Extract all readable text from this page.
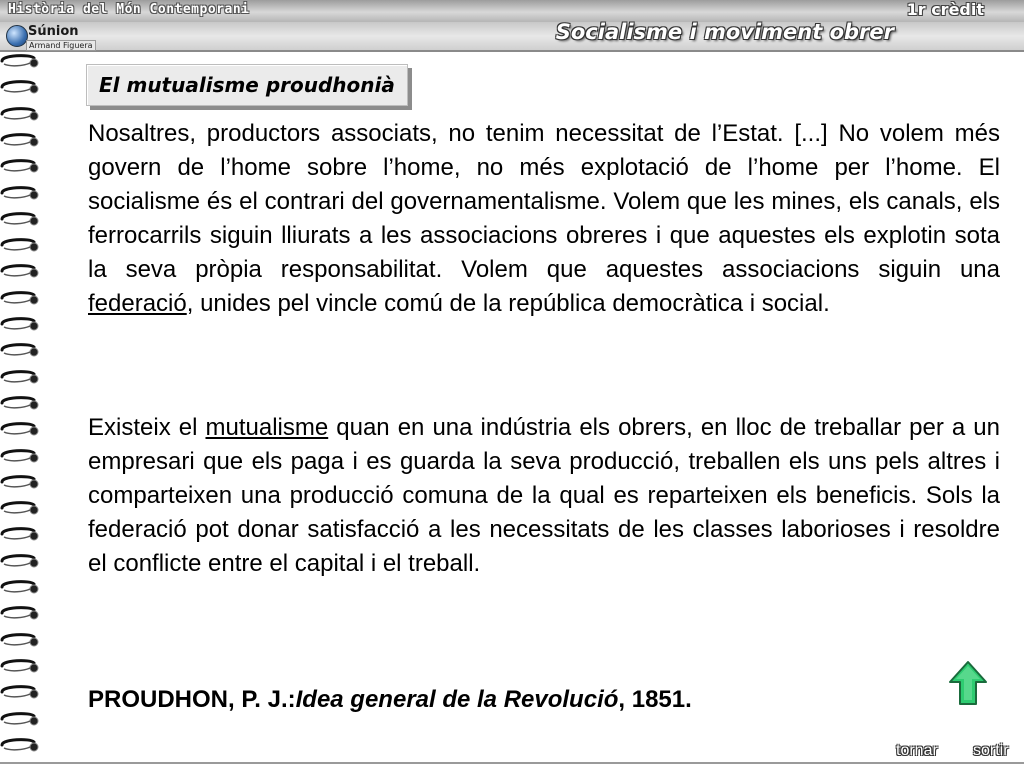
Història del Món Contemporani	1r crèdit
Súnion
Armand Figuera
Socialisme i moviment obrer
El mutualisme proudhonià

Nosaltres, productors associats, no tenim necessitat de l’Estat. [...] No volem més govern de l’home sobre l’home, no més explotació de l’home per l’home. El socialisme és el contrari del governamentalisme. Volem que les mines, els canals, els ferrocarrils siguin lliurats a les associacions obreres i que aquestes els explotin sota la seva pròpia responsabilitat. Volem que aquestes associacions siguin una federació, unides pel vincle comú de la república democràtica i social.

Existeix el mutualisme quan en una indústria els obrers, en lloc de treballar per a un empresari que els paga i es guarda la seva producció, treballen els uns pels altres i comparteixen una producció comuna de la qual es reparteixen els beneficis. Sols la federació pot donar satisfacció a les necessitats de les classes laborioses i resoldre el conflicte entre el capital i el treball.

PROUDHON, P. J.:Idea general de la Revolució, 1851.

tornar sortir
